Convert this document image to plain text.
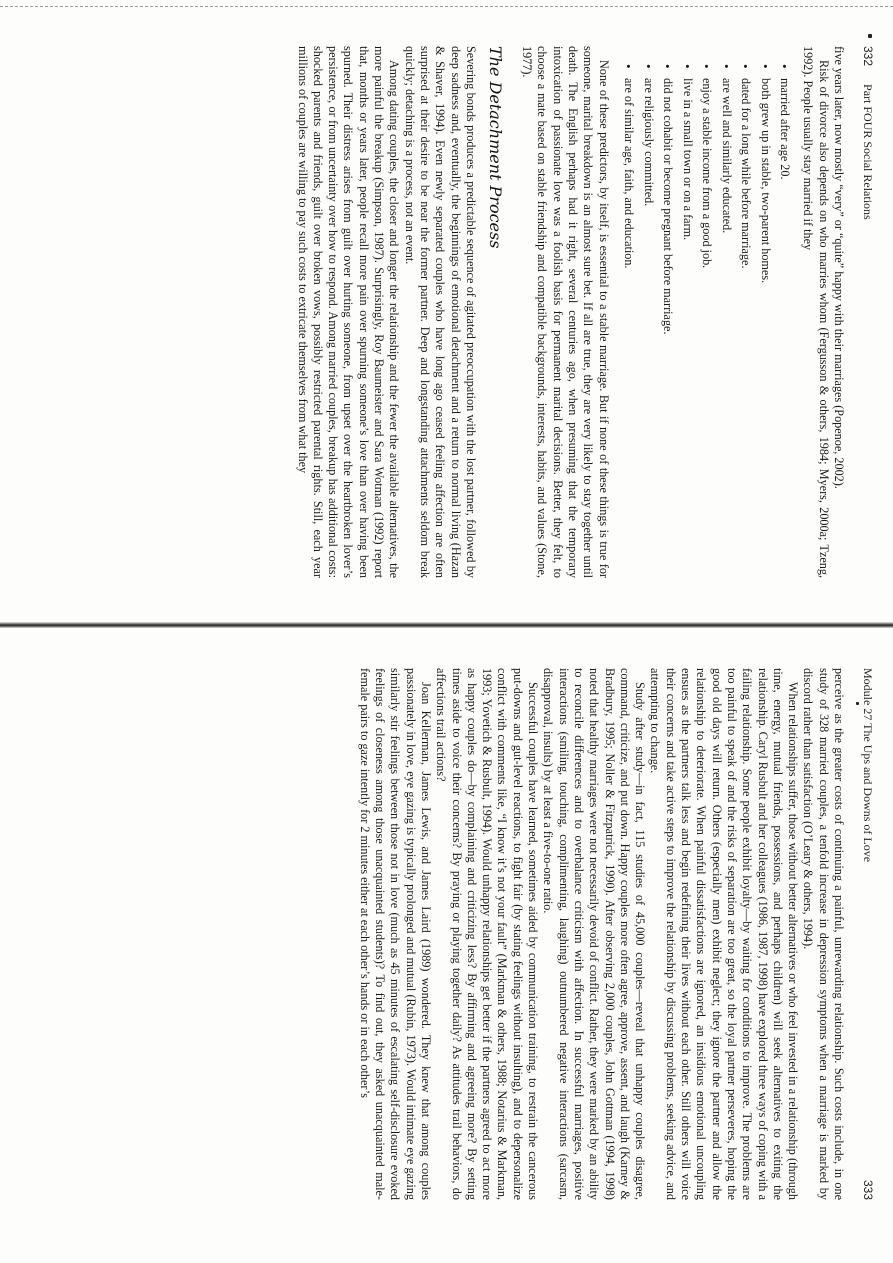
332
Part FOUR Social Relations

five years later, now mostly “very” or “quite” happy with their marriages (Popenoe, 2002).

Risk of divorce also depends on who marries whom (Fergusson & others, 1984; Myers, 2000a; Tzeng, 1992). People usually stay married if they

• married after age 20.
• both grew up in stable, two-parent homes.
• dated for a long while before marriage.
• are well and similarly educated.
• enjoy a stable income from a good job.
• live in a small town or on a farm.
• did not cohabit or become pregnant before marriage.
• are religiously committed.
• are of similar age, faith, and education.

None of these predictors, by itself, is essential to a stable marriage. But if none of these things is true for someone, marital breakdown is an almost sure bet. If all are true, they are very likely to stay together until death. The English perhaps had it right, several centuries ago, when presuming that the temporary intoxication of passionate love was a foolish basis for permanent marital decisions. Better, they felt, to choose a mate based on stable friendship and compatible backgrounds, interests, habits, and values (Stone, 1977).

The Detachment Process

Severing bonds produces a predictable sequence of agitated preoccupation with the lost partner, followed by deep sadness and, eventually, the beginnings of emotional detachment and a return to normal living (Hazan & Shaver, 1994). Even newly separated couples who have long ago ceased feeling affection are often surprised at their desire to be near the former partner. Deep and longstanding attachments seldom break quickly; detaching is a process, not an event.

Among dating couples, the closer and longer the relationship and the fewer the available alternatives, the more painful the breakup (Simpson, 1987). Surprisingly, Roy Baumeister and Sara Wotman (1992) report that, months or years later, people recall more pain over spurning someone’s love than over having been spurned. Their distress arises from guilt over hurting someone, from upset over the heartbroken lover’s persistence, or from uncertainty over how to respond. Among married couples, breakup has additional costs: shocked parents and friends, guilt over broken vows, possibly restricted parental rights. Still, each year millions of couples are willing to pay such costs to extricate themselves from what they

Module 27 The Ups and Downs of Love
333

perceive as the greater costs of continuing a painful, unrewarding relationship. Such costs include, in one study of 328 married couples, a tenfold increase in depression symptoms when a marriage is marked by discord rather than satisfaction (O’Leary & others, 1994).

When relationships suffer, those without better alternatives or who feel invested in a relationship (through time, energy, mutual friends, possessions, and perhaps children) will seek alternatives to exiting the relationship. Caryl Rusbult and her colleagues (1986, 1987, 1998) have explored three ways of coping with a failing relationship. Some people exhibit loyalty—by waiting for conditions to improve. The problems are too painful to speak of and the risks of separation are too great, so the loyal partner perseveres, hoping the good old days will return. Others (especially men) exhibit neglect; they ignore the partner and allow the relationship to deteriorate. When painful dissatisfactions are ignored, an insidious emotional uncoupling ensues as the partners talk less and begin redefining their lives without each other. Still others will voice their concerns and take active steps to improve the relationship by discussing problems, seeking advice, and attempting to change.

Study after study—in fact, 115 studies of 45,000 couples—reveal that unhappy couples disagree, command, criticize, and put down. Happy couples more often agree, approve, assent, and laugh (Karney & Bradbury, 1995; Noller & Fitzpatrick, 1990). After observing 2,000 couples, John Gottman (1994, 1998) noted that healthy marriages were not necessarily devoid of conflict. Rather, they were marked by an ability to reconcile differences and to overbalance criticism with affection. In successful marriages, positive interactions (smiling, touching, complimenting, laughing) outnumbered negative interactions (sarcasm, disapproval, insults) by at least a five-to-one ratio.

Successful couples have learned, sometimes aided by communication training, to restrain the cancerous put-downs and gut-level reactions, to fight fair (by stating feelings without insulting), and to depersonalize conflict with comments like, “I know it’s not your fault” (Markman & others, 1988; Notarius & Markman, 1993; Yovetich & Rusbult, 1994). Would unhappy relationships get better if the partners agreed to act more as happy couples do—by complaining and criticizing less? By affirming and agreeing more? By setting times aside to voice their concerns? By praying or playing together daily? As attitudes trail behaviors, do affections trail actions?

Joan Kellerman, James Lewis, and James Laird (1989) wondered. They knew that among couples passionately in love, eye gazing is typically prolonged and mutual (Rubin, 1973). Would intimate eye gazing similarly stir feelings between those not in love (much as 45 minutes of escalating self-disclosure evoked feelings of closeness among those unacquainted students)? To find out, they asked unacquainted male-female pairs to gaze intently for 2 minutes either at each other’s hands or in each other’s
